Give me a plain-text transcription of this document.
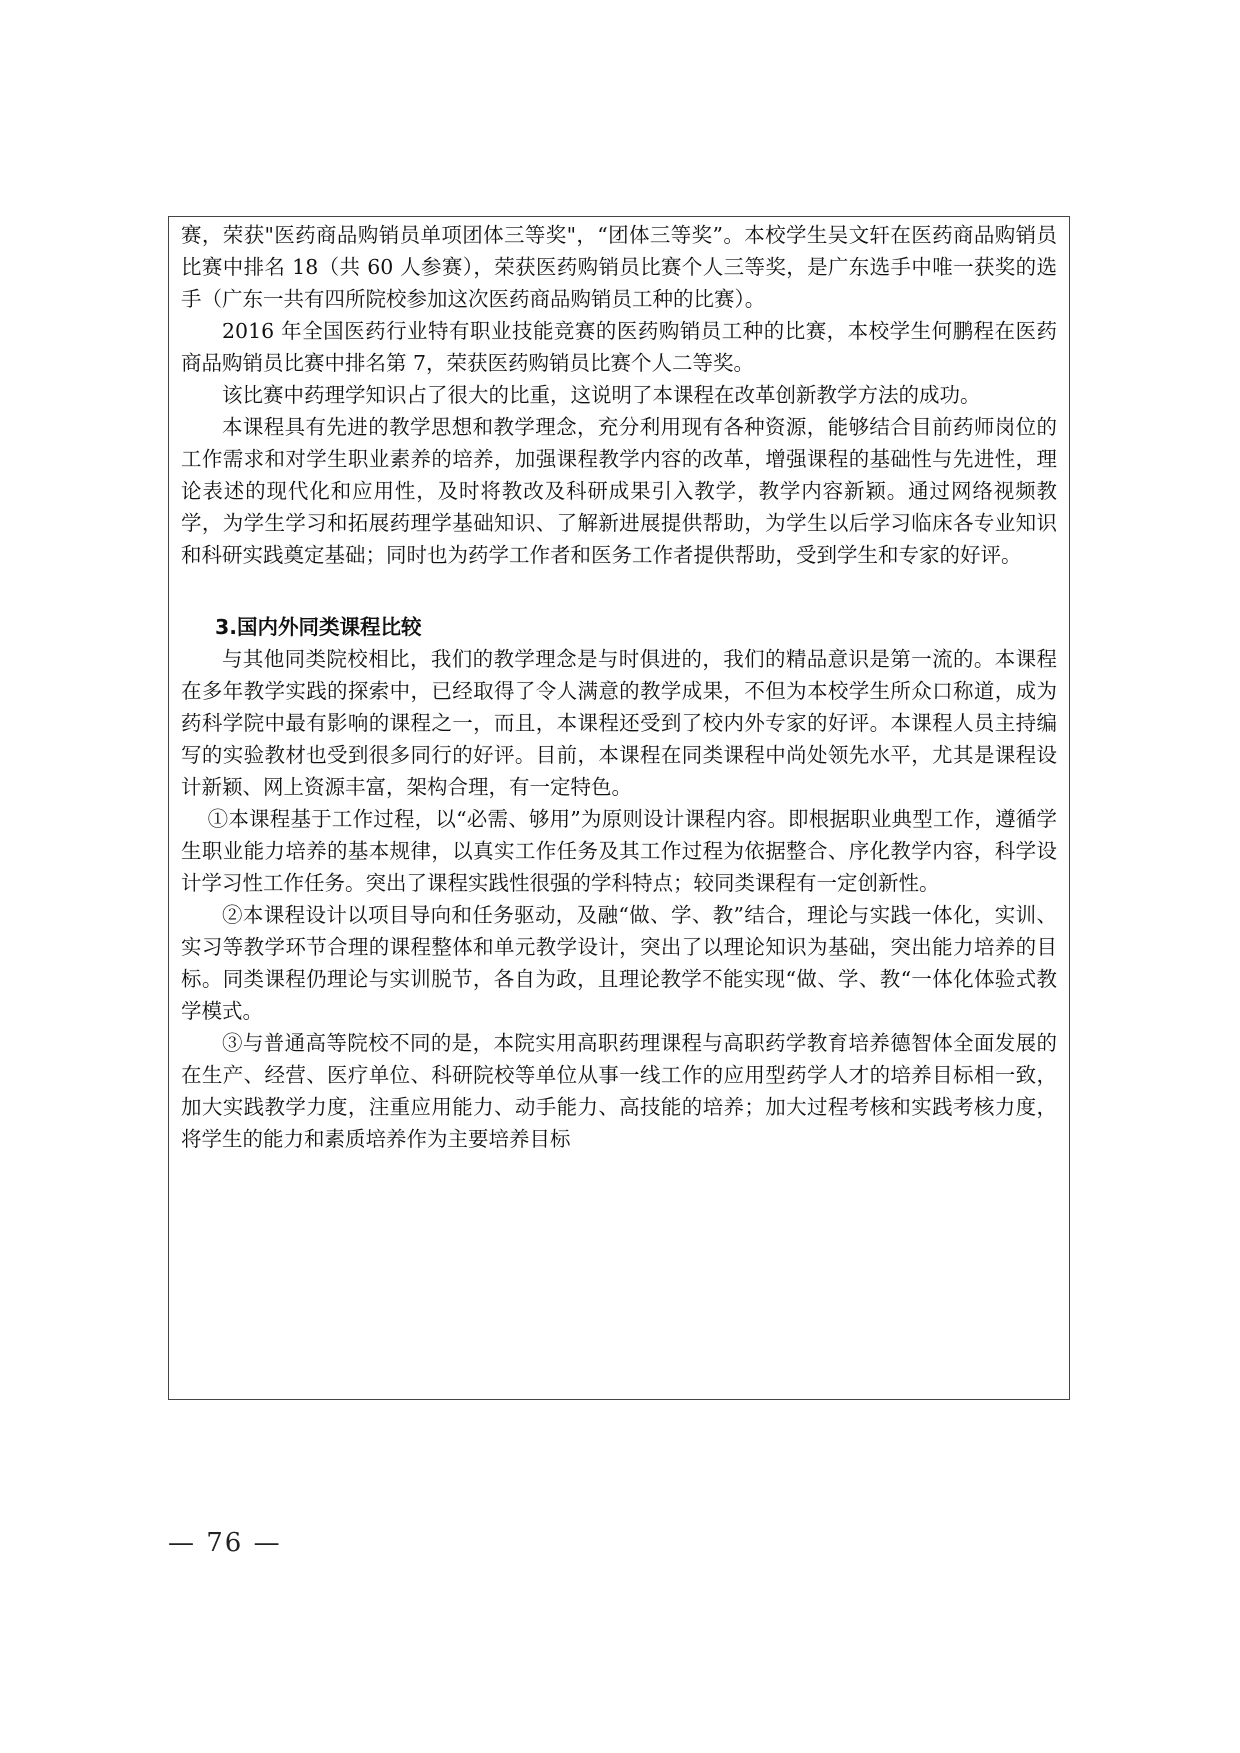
赛，荣获"医药商品购销员单项团体三等奖"，“团体三等奖”。本校学生吴文轩在医药商品购销员比赛中排名 18（共 60 人参赛），荣获医药购销员比赛个人三等奖，是广东选手中唯一获奖的选手（广东一共有四所院校参加这次医药商品购销员工种的比赛）。

2016 年全国医药行业特有职业技能竞赛的医药购销员工种的比赛，本校学生何鹏程在医药商品购销员比赛中排名第 7，荣获医药购销员比赛个人二等奖。

该比赛中药理学知识占了很大的比重，这说明了本课程在改革创新教学方法的成功。

本课程具有先进的教学思想和教学理念，充分利用现有各种资源，能够结合目前药师岗位的工作需求和对学生职业素养的培养，加强课程教学内容的改革，增强课程的基础性与先进性，理论表述的现代化和应用性，及时将教改及科研成果引入教学，教学内容新颖。通过网络视频教学，为学生学习和拓展药理学基础知识、了解新进展提供帮助，为学生以后学习临床各专业知识和科研实践奠定基础；同时也为药学工作者和医务工作者提供帮助，受到学生和专家的好评。

3.国内外同类课程比较

与其他同类院校相比，我们的教学理念是与时俱进的，我们的精品意识是第一流的。本课程在多年教学实践的探索中，已经取得了令人满意的教学成果，不但为本校学生所众口称道，成为药科学院中最有影响的课程之一，而且，本课程还受到了校内外专家的好评。本课程人员主持编写的实验教材也受到很多同行的好评。目前，本课程在同类课程中尚处领先水平，尤其是课程设计新颖、网上资源丰富，架构合理，有一定特色。

①本课程基于工作过程，以“必需、够用”为原则设计课程内容。即根据职业典型工作，遵循学生职业能力培养的基本规律，以真实工作任务及其工作过程为依据整合、序化教学内容，科学设计学习性工作任务。突出了课程实践性很强的学科特点；较同类课程有一定创新性。

②本课程设计以项目导向和任务驱动，及融“做、学、教”结合，理论与实践一体化，实训、实习等教学环节合理的课程整体和单元教学设计，突出了以理论知识为基础，突出能力培养的目标。同类课程仍理论与实训脱节，各自为政，且理论教学不能实现“做、学、教“一体化体验式教学模式。

③与普通高等院校不同的是，本院实用高职药理课程与高职药学教育培养德智体全面发展的在生产、经营、医疗单位、科研院校等单位从事一线工作的应用型药学人才的培养目标相一致，加大实践教学力度，注重应用能力、动手能力、高技能的培养；加大过程考核和实践考核力度，将学生的能力和素质培养作为主要培养目标

— 76 —
